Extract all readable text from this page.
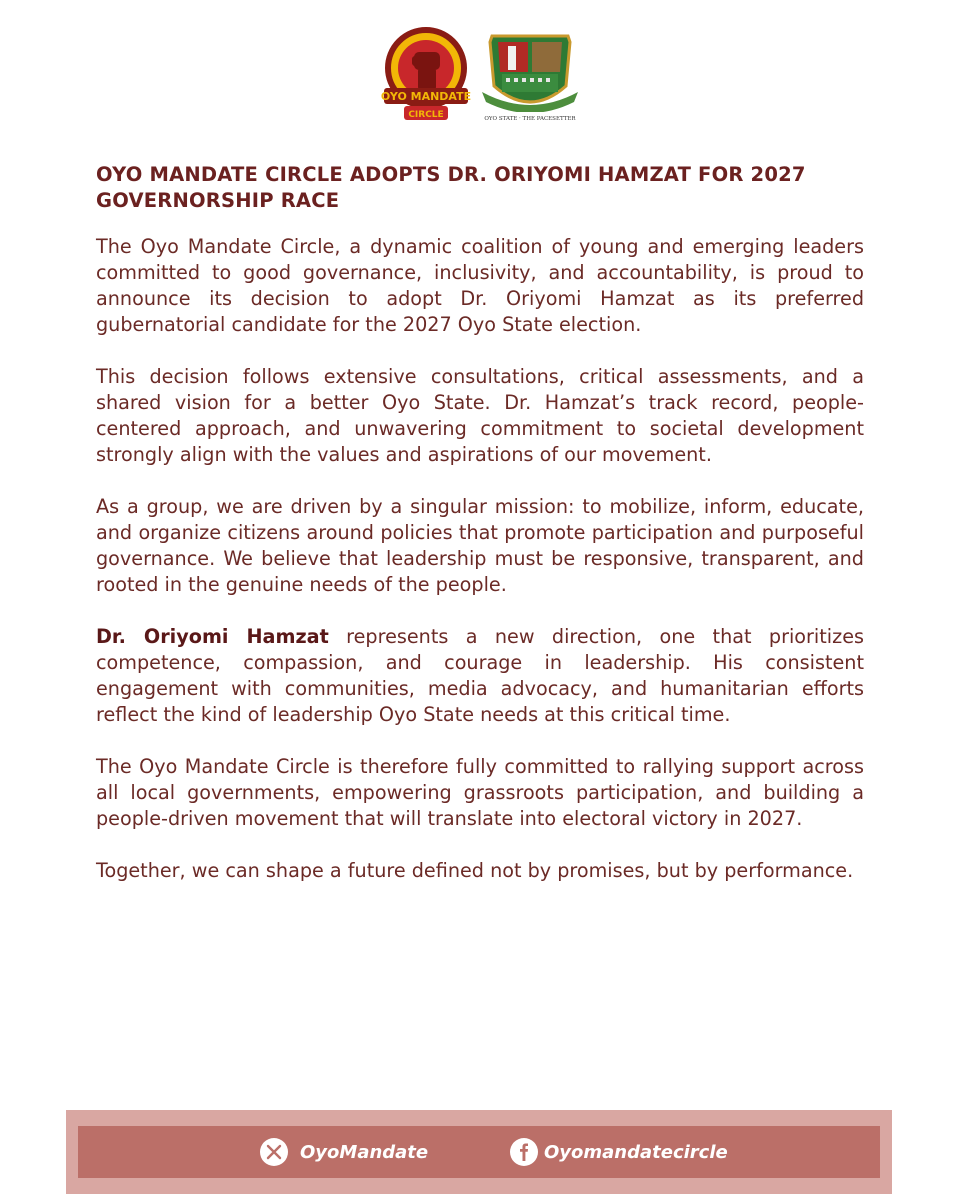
OYO MANDATE
CIRCLE	OYO STATE · THE PACESETTER
OYO MANDATE CIRCLE ADOPTS DR. ORIYOMI HAMZAT FOR 2027 GOVERNORSHIP RACE

The Oyo Mandate Circle, a dynamic coalition of young and emerging leaders committed to good governance, inclusivity, and accountability, is proud to announce its decision to adopt Dr. Oriyomi Hamzat as its preferred gubernatorial candidate for the 2027 Oyo State election.

This decision follows extensive consultations, critical assessments, and a shared vision for a better Oyo State. Dr. Hamzat’s track record, people-centered approach, and unwavering commitment to societal development strongly align with the values and aspirations of our movement.

As a group, we are driven by a singular mission: to mobilize, inform, educate, and organize citizens around policies that promote participation and purposeful governance. We believe that leadership must be responsive, transparent, and rooted in the genuine needs of the people.

Dr. Oriyomi Hamzat represents a new direction, one that prioritizes competence, compassion, and courage in leadership. His consistent engagement with communities, media advocacy, and humanitarian efforts reflect the kind of leadership Oyo State needs at this critical time.

The Oyo Mandate Circle is therefore fully committed to rallying support across all local governments, empowering grassroots participation, and building a people-driven movement that will translate into electoral victory in 2027.

Together, we can shape a future defined not by promises, but by performance.

OyoMandate	Oyomandatecircle
